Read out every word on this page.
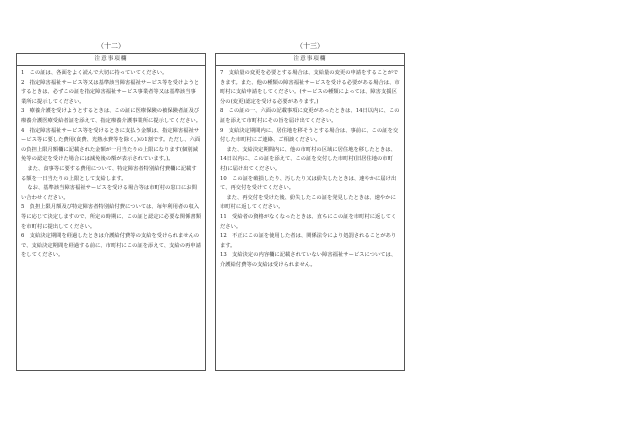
（十二）	（十三）
注意事項欄

1　この証は、各面をよく読んで大切に持っていてください。

2　指定障害福祉サービス等又は基準該当障害福祉サービス等を受けようとするときは、必ずこの証を指定障害福祉サービス事業者等又は基準該当事業所に提示してください。

3　療養介護を受けようとするときは、この証に医療保険の被保険者証及び療養介護医療受給者証を添えて、指定療養介護事業所に提示してください。

4　指定障害福祉サービス等を受けるときに支払う金額は、指定障害福祉サービス等に要した費用(食費、光熱水費等を除く。)の1割です。ただし、六面の負担上限月額欄に記載された金額が一月当たりの上限になります(個別減免等の認定を受けた場合には減免後の額が表示されています。)。

また、食事等に要する費用について、特定障害者特別給付費欄に記載する額を一日当たりの上限として支給します。

なお、基準該当障害福祉サービスを受ける場合等は市町村の窓口にお問い合わせください。

5　負担上限月額及び特定障害者特別給付費については、毎年利用者の収入等に応じて決定しますので、所定の時期に、この証と認定に必要な関係書類を市町村に提出してください。

6　支給決定期間を経過したときは介護給付費等の支給を受けられませんので、支給決定期間を経過する前に、市町村にこの証を添えて、支給の再申請をしてください。

注意事項欄

7　支給量の変更を必要とする場合は、支給量の変更の申請をすることができます。また、他の種類の障害福祉サービスを受ける必要がある場合は、市町村に支給申請をしてください。(サービスの種類によっては、障害支援区分の(変更)認定を受ける必要があります。)

8　この証の一、六面の記載事項に変更があったときは、14日以内に、この証を添えて市町村にその旨を届け出てください。

9　支給決定期間内に、居住地を移そうとする場合は、事前に、この証を交付した市町村にご連絡、ご相談ください。

また、支給決定期間内に、他の市町村の区域に居住地を移したときは、14日以内に、この証を添えて、この証を交付した市町村(旧居住地の市町村)に届け出てください。

10　この証を破損したり、汚したり又は紛失したときは、速やかに届け出て、再交付を受けてください。

また、再交付を受けた後、紛失したこの証を発見したときは、速やかに市町村に返してください。

11　受給者の資格がなくなったときは、直ちにこの証を市町村に返してください。

12　不正にこの証を使用した者は、関係法令により処罰されることがあります。

13　支給決定の内容欄に記載されていない障害福祉サービスについては、介護給付費等の支給は受けられません。
